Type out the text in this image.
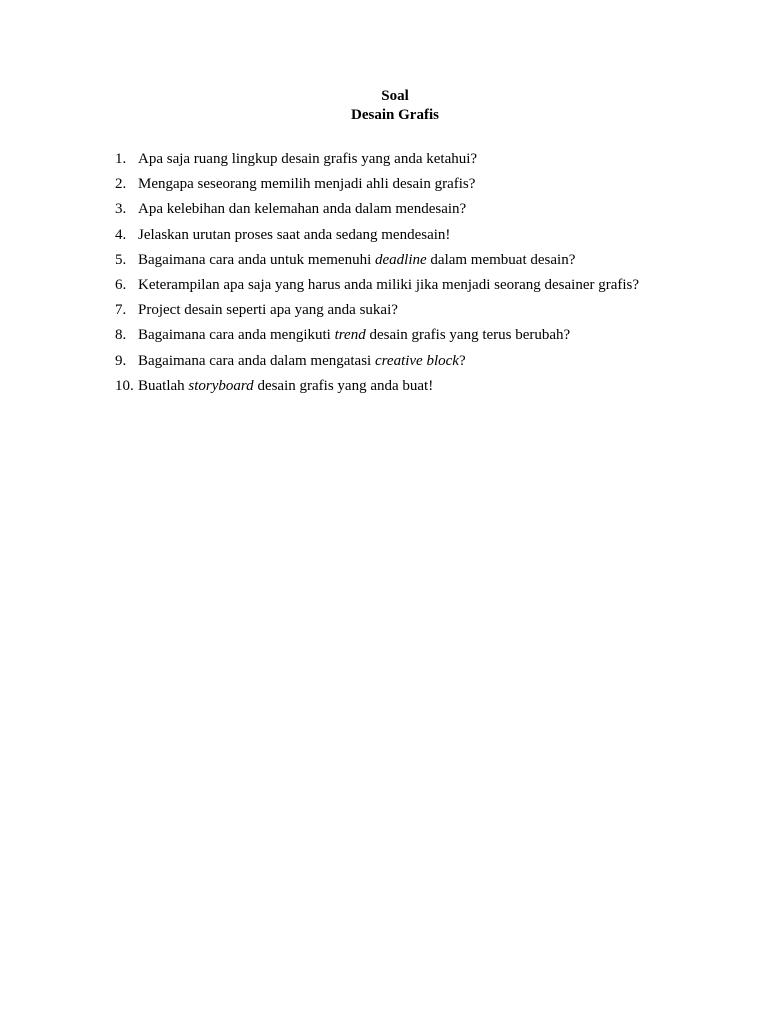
Soal
Desain Grafis
1. Apa saja ruang lingkup desain grafis yang anda ketahui?
2. Mengapa seseorang memilih menjadi ahli desain grafis?
3. Apa kelebihan dan kelemahan anda dalam mendesain?
4. Jelaskan urutan proses saat anda sedang mendesain!
5. Bagaimana cara anda untuk memenuhi deadline dalam membuat desain?
6. Keterampilan apa saja yang harus anda miliki jika menjadi seorang desainer grafis?
7. Project desain seperti apa yang anda sukai?
8. Bagaimana cara anda mengikuti trend desain grafis yang terus berubah?
9. Bagaimana cara anda dalam mengatasi creative block?
10. Buatlah storyboard desain grafis yang anda buat!
